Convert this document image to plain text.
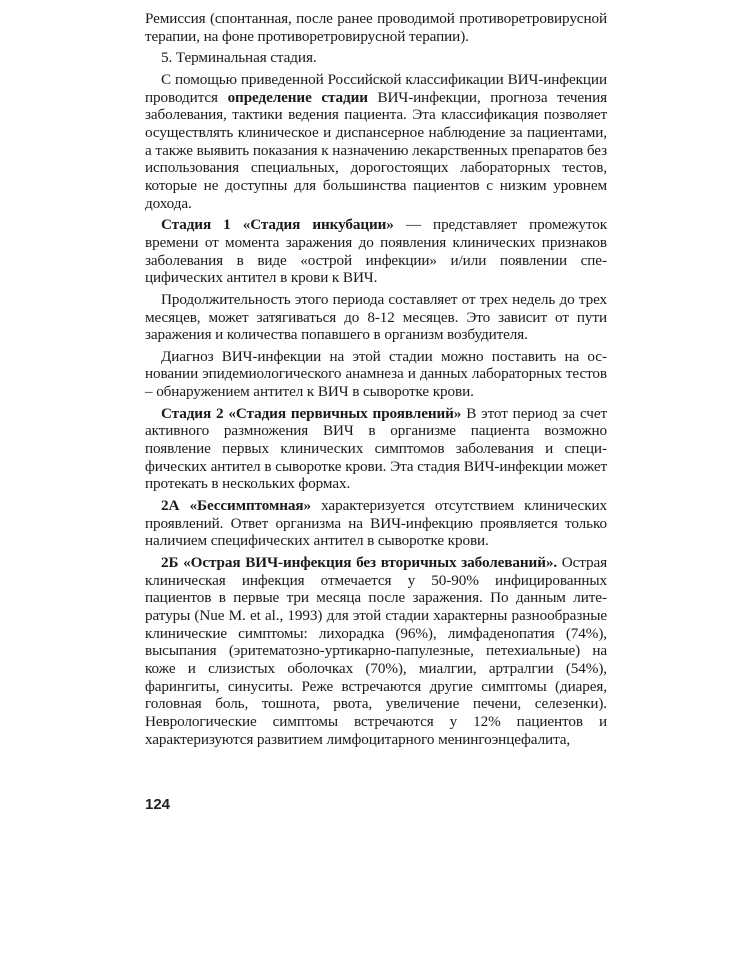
Ремиссия (спонтанная, после ранее проводимой противоретровирусной терапии, на фоне противоретровирусной терапии).

5. Терминальная стадия.

С помощью приведенной Российской классификации ВИЧ-инфекции проводится определение стадии ВИЧ-инфекции, прогноза течения заболевания, тактики ведения пациента. Эта классификация позволяет осуществлять клиническое и диспансерное наблюдение за пациентами, а также выявить показания к назначению лекарственных препаратов без использования специальных, дорогостоящих лабораторных тестов, которые не доступны для большинства пациентов с низким уровнем дохода.

Стадия 1 «Стадия инкубации» — представляет промежуток времени от момента заражения до появления клинических признаков заболевания в виде «острой инфекции» и/или появлении специфических антител в крови к ВИЧ.

Продолжительность этого периода составляет от трех недель до трех месяцев, может затягиваться до 8-12 месяцев. Это зависит от пути заражения и количества попавшего в организм возбудителя.

Диагноз ВИЧ-инфекции на этой стадии можно поставить на основании эпидемиологического анамнеза и данных лабораторных тестов – обнаружением антител к ВИЧ в сыворотке крови.

Стадия 2 «Стадия первичных проявлений» В этот период за счет активного размножения ВИЧ в организме пациента возможно появление первых клинических симптомов заболевания и специфических антител в сыворотке крови. Эта стадия ВИЧ-инфекции может протекать в нескольких формах.

2А «Бессимптомная» характеризуется отсутствием клинических проявлений. Ответ организма на ВИЧ-инфекцию проявляется только наличием специфических антител в сыворотке крови.

2Б «Острая ВИЧ-инфекция без вторичных заболеваний». Острая клиническая инфекция отмечается у 50-90% инфицированных пациентов в первые три месяца после заражения. По данным литературы (Nue M. et al., 1993) для этой стадии характерны разнообразные клинические симптомы: лихорадка (96%), лимфаденопатия (74%), высыпания (эритематозно-уртикарно-папулезные, петехиальные) на коже и слизистых оболочках (70%), миалгии, артралгии (54%), фарингиты, синуситы. Реже встречаются другие симптомы (диарея, головная боль, тошнота, рвота, увеличение печени, селезенки). Неврологические симптомы встречаются у 12% пациентов и характеризуются развитием лимфоцитарного менингоэнцефалита,

124
